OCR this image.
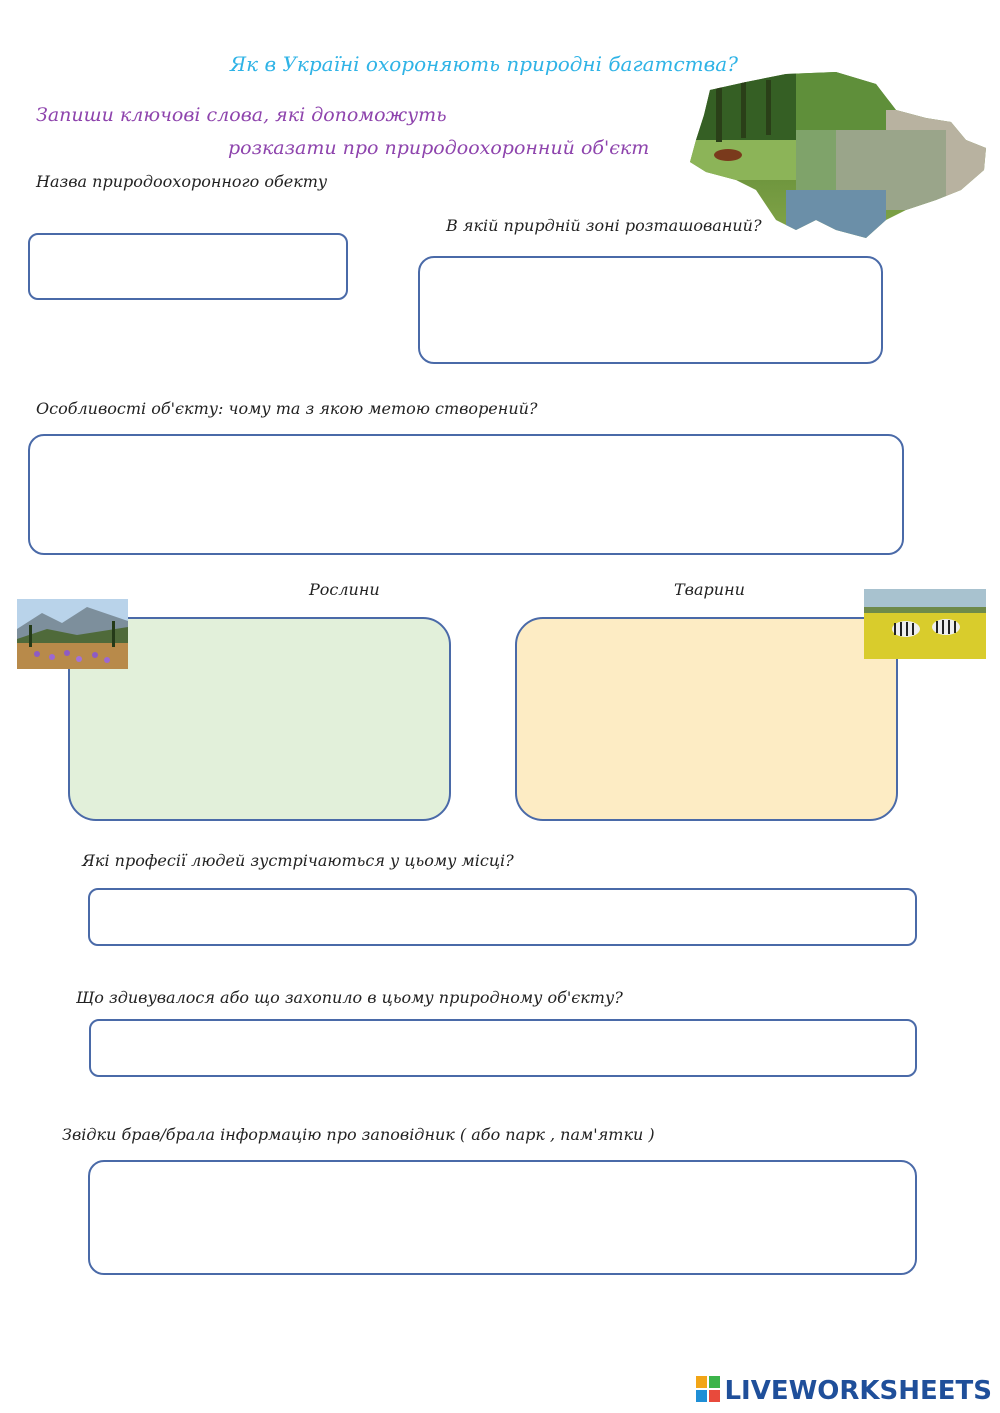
Як в Україні охороняють природні багатства?
Запиши ключові слова, які допоможуть
розказати про природоохоронний об'єкт
Назва природоохоронного обекту
В якій прирдній зоні розташований?
Особливості об'єкту: чому та з якою метою створений?
Рослини	Тварини
Які професії людей зустрічаються у цьому місці?
Що здивувалося або що захопило в цьому природному об'єкту?
Звідки брав/брала інформацію про заповідник ( або парк , пам'ятки )
LIVEWORKSHEETS
